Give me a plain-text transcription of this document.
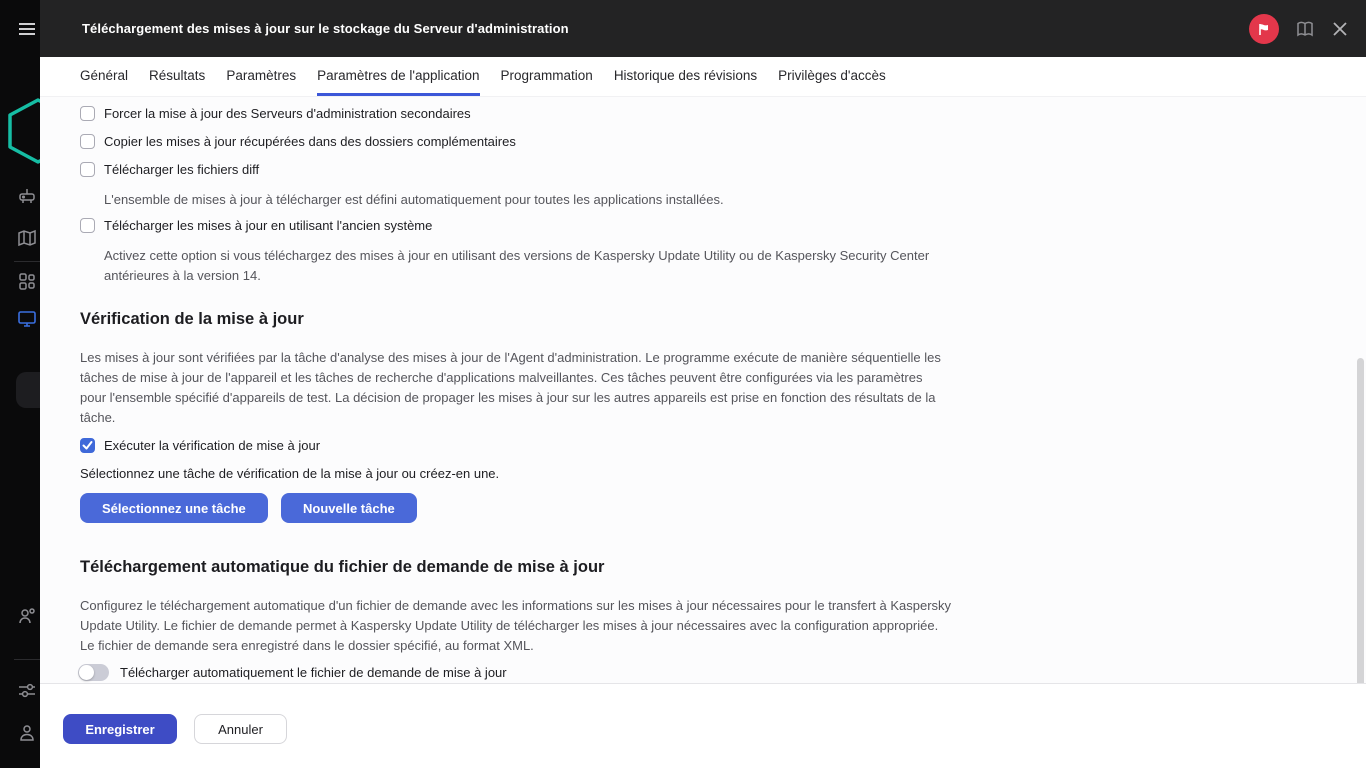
Téléchargement des mises à jour sur le stockage du Serveur d'administration
Général Résultats Paramètres Paramètres de l'application Programmation Historique des révisions Privilèges d'accès
Forcer la mise à jour des Serveurs d'administration secondaires
Copier les mises à jour récupérées dans des dossiers complémentaires
Télécharger les fichiers diff
L'ensemble de mises à jour à télécharger est défini automatiquement pour toutes les applications installées.
Télécharger les mises à jour en utilisant l'ancien système
Activez cette option si vous téléchargez des mises à jour en utilisant des versions de Kaspersky Update Utility ou de Kaspersky Security Center antérieures à la version 14.
Vérification de la mise à jour

Les mises à jour sont vérifiées par la tâche d'analyse des mises à jour de l'Agent d'administration. Le programme exécute de manière séquentielle les tâches de mise à jour de l'appareil et les tâches de recherche d'applications malveillantes. Ces tâches peuvent être configurées via les paramètres pour l'ensemble spécifié d'appareils de test. La décision de propager les mises à jour sur les autres appareils est prise en fonction des résultats de la tâche.

Exécuter la vérification de mise à jour
Sélectionnez une tâche de vérification de la mise à jour ou créez-en une.
Sélectionnez une tâche	Nouvelle tâche
Téléchargement automatique du fichier de demande de mise à jour

Configurez le téléchargement automatique d'un fichier de demande avec les informations sur les mises à jour nécessaires pour le transfert à Kaspersky Update Utility. Le fichier de demande permet à Kaspersky Update Utility de télécharger les mises à jour nécessaires avec la configuration appropriée. Le fichier de demande sera enregistré dans le dossier spécifié, au format XML.

Télécharger automatiquement le fichier de demande de mise à jour
Enregistrer	Annuler
